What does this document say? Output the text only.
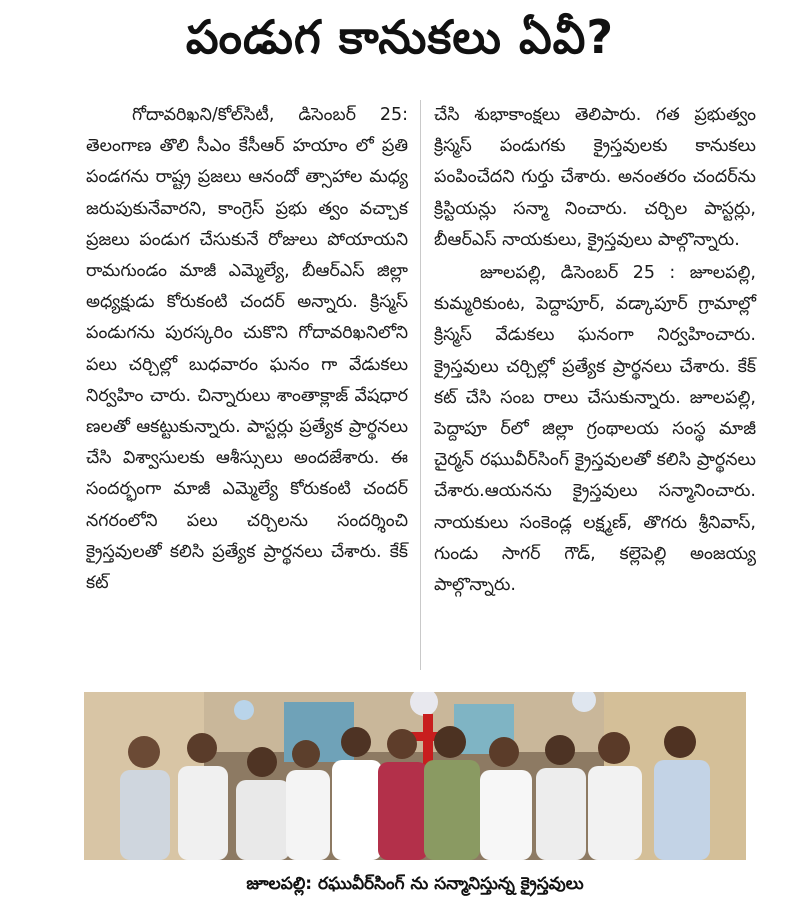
పండుగ కానుకలు ఏవీ?

గోదావరిఖని/కోల్‌సిటీ, డిసెంబర్ 25: తెలంగాణ తొలి సీఎం కేసీఆర్ హయాం లో ప్రతి పండగను రాష్ట్ర ప్రజలు ఆనందో త్సాహాల మధ్య జరుపుకునేవారని, కాంగ్రెస్ ప్రభు త్వం వచ్చాక ప్రజలు పండుగ చేసుకునే రోజులు పోయాయని రామగుండం మాజీ ఎమ్మెల్యే, బీఆర్ఎస్ జిల్లా అధ్యక్షుడు కోరుకంటి చందర్ అన్నారు. క్రిస్మస్ పండుగను పురస్కరిం చుకొని గోదావరిఖనిలోని పలు చర్చిల్లో బుధవారం ఘనం గా వేడుకలు నిర్వహిం చారు. చిన్నారులు శాంతాక్లాజ్ వేషధార ణలతో ఆకట్టుకున్నారు. పాస్టర్లు ప్రత్యేక ప్రార్థనలు చేసి విశ్వాసులకు ఆశీస్సులు అందజేశారు. ఈ సందర్భంగా మాజీ ఎమ్మెల్యే కోరుకంటి చందర్ నగరంలోని పలు చర్చిలను సందర్శించి క్రైస్తవులతో కలిసి ప్రత్యేక ప్రార్థనలు చేశారు. కేక్ కట్

చేసి శుభాకాంక్షలు తెలిపారు. గత ప్రభుత్వం క్రిస్మస్ పండుగకు క్రైస్తవులకు కానుకలు పంపించేదని గుర్తు చేశారు. అనంతరం చందర్‌ను క్రిస్టియన్లు సన్మా నించారు. చర్చిల పాస్టర్లు, బీఆర్ఎస్ నాయకులు, క్రైస్తవులు పాల్గొన్నారు.

జూలపల్లి, డిసెంబర్ 25 : జూలపల్లి, కుమ్మరికుంట, పెద్దాపూర్, వడ్కాపూర్ గ్రామాల్లో క్రిస్మస్ వేడుకలు ఘనంగా నిర్వహించారు. క్రైస్తవులు చర్చిల్లో ప్రత్యేక ప్రార్థనలు చేశారు. కేక్ కట్ చేసి సంబ రాలు చేసుకున్నారు. జూలపల్లి, పెద్దాపూ ర్‌లో జిల్లా గ్రంథాలయ సంస్థ మాజీ చైర్మన్ రఘువీర్‌సింగ్ క్రైస్తవులతో కలిసి ప్రార్థనలు చేశారు.ఆయనను క్రైస్తవులు సన్మానించారు. నాయకులు సంకెండ్ల లక్ష్మణ్, తొగరు శ్రీనివాస్, గుండు సాగర్ గౌడ్, కల్లెపెల్లి అంజయ్య పాల్గొన్నారు.

జూలపల్లి: రఘువీర్‌సింగ్ ను సన్మానిస్తున్న క్రైస్తవులు
